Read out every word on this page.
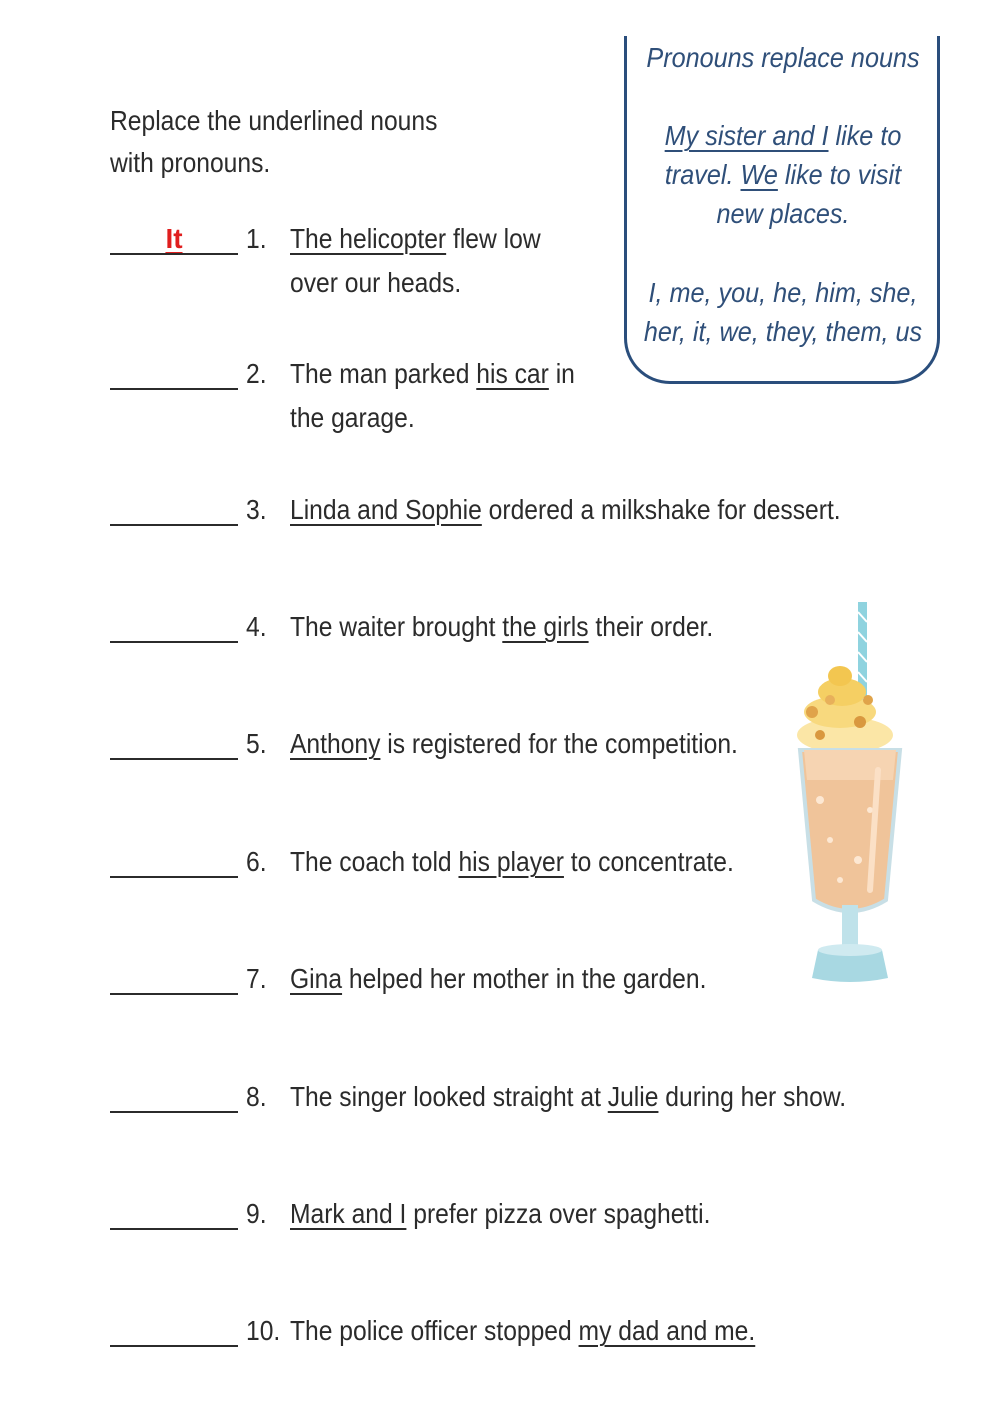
Replace the underlined nouns with pronouns.
Pronouns replace nouns
My sister and I like to
travel. We like to visit
new places.
I, me, you, he, him, she,
her, it, we, they, them, us
It	1. The helicopter flew low
over our heads.
2. The man parked his car in
the garage.
3. Linda and Sophie ordered a milkshake for dessert.
4. The waiter brought the girls their order.
5. Anthony is registered for the competition.
6. The coach told his player to concentrate.
7. Gina helped her mother in the garden.
8. The singer looked straight at Julie during her show.
9. Mark and I prefer pizza over spaghetti.
10. The police officer stopped my dad and me.
